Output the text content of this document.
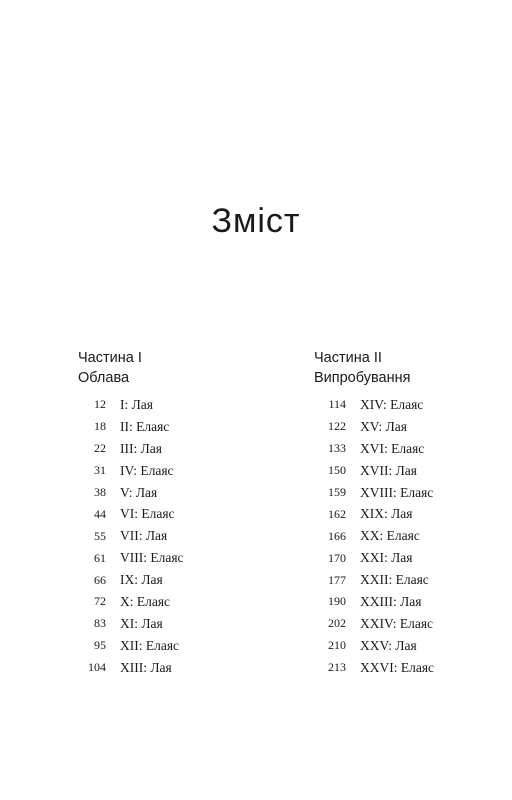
Зміст
Частина I
Облава
12 I: Лая
18 II: Елаяс
22 III: Лая
31 IV: Елаяс
38 V: Лая
44 VI: Елаяс
55 VII: Лая
61 VIII: Елаяс
66 IX: Лая
72 X: Елаяс
83 XI: Лая
95 XII: Елаяс
104 XIII: Лая
Частина II
Випробування
114 XIV: Елаяс
122 XV: Лая
133 XVI: Елаяс
150 XVII: Лая
159 XVIII: Елаяс
162 XIX: Лая
166 XX: Елаяс
170 XXI: Лая
177 XXII: Елаяс
190 XXIII: Лая
202 XXIV: Елаяс
210 XXV: Лая
213 XXVI: Елаяс
